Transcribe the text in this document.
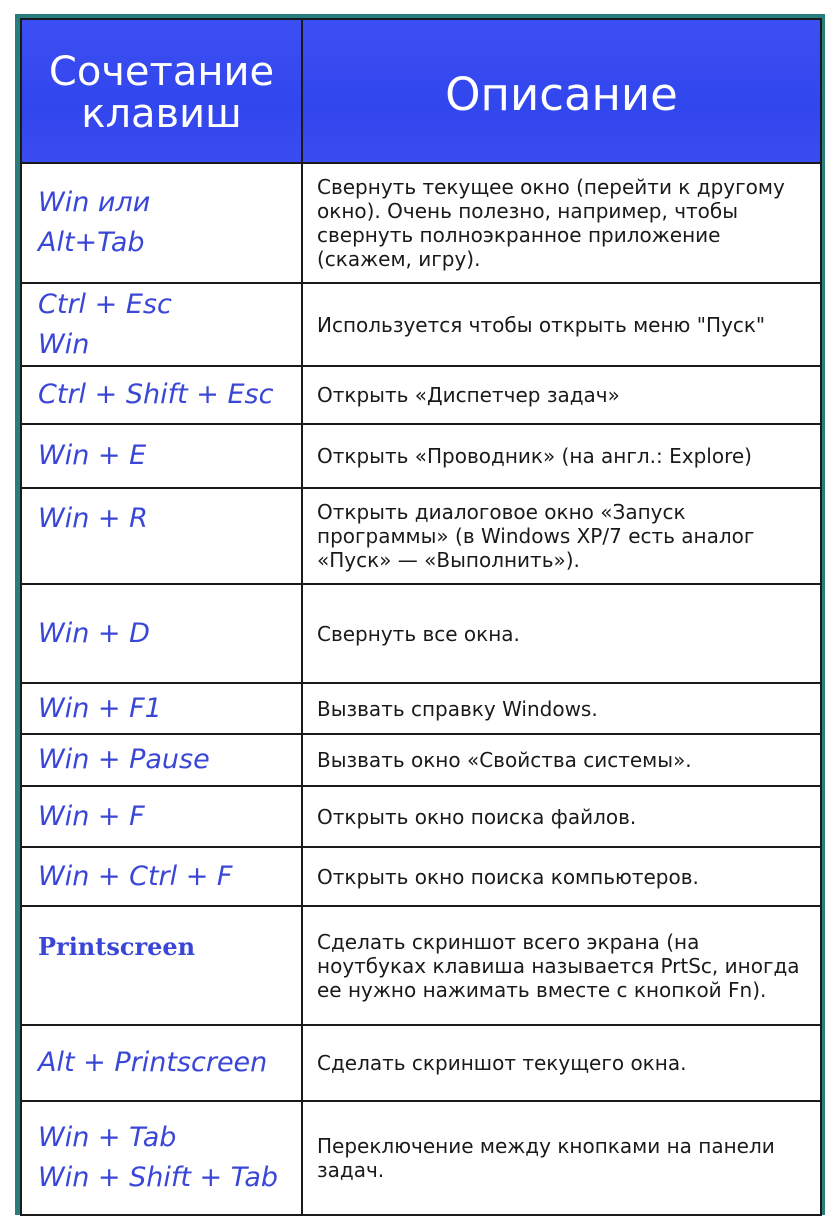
Сочетание
клавиш	Описание

Win или
Alt+Tab	Свернуть текущее окно (перейти к другому окно). Очень полезно, например, чтобы свернуть полноэкранное приложение (скажем, игру).

Ctrl + Esc
Win	Используется чтобы открыть меню "Пуск"

Ctrl + Shift + Esc	Открыть «Диспетчер задач»

Win + E	Открыть «Проводник» (на англ.: Explore)

Win + R	Открыть диалоговое окно «Запуск программы» (в Windows XP/7 есть аналог «Пуск» — «Выполнить»).

Win + D	Свернуть все окна.

Win + F1	Вызвать справку Windows.

Win + Pause	Вызвать окно «Свойства системы».

Win + F	Открыть окно поиска файлов.

Win + Ctrl + F	Открыть окно поиска компьютеров.

Printscreen	Сделать скриншот всего экрана (на ноутбуках клавиша называется PrtSc, иногда ее нужно нажимать вместе с кнопкой Fn).

Alt + Printscreen	Сделать скриншот текущего окна.

Win + Tab
Win + Shift + Tab	Переключение между кнопками на панели задач.
